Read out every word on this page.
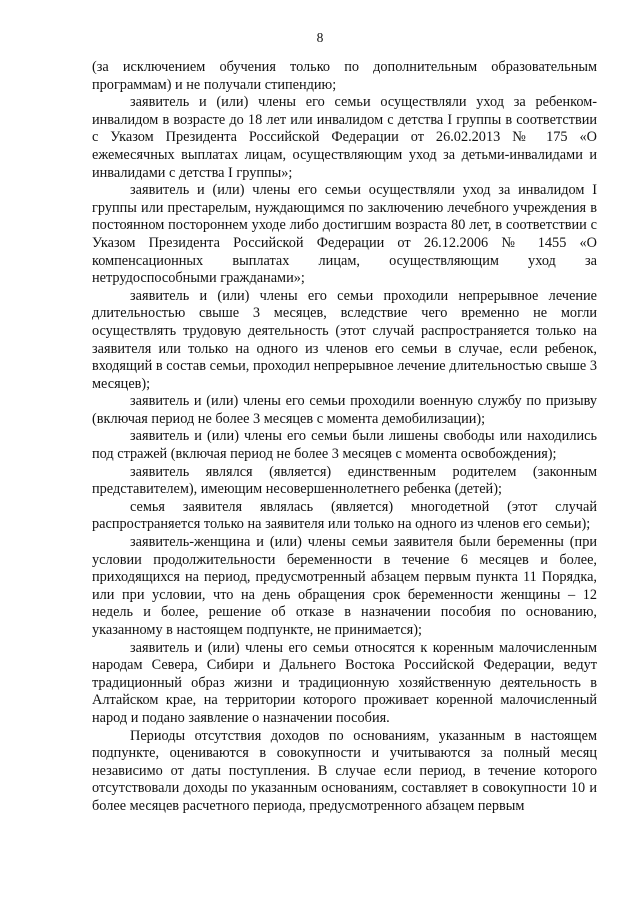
8

(за исключением обучения только по дополнительным образовательным программам) и не получали стипендию;

заявитель и (или) члены его семьи осуществляли уход за ребенком-инвалидом в возрасте до 18 лет или инвалидом с детства I группы в соответствии с Указом Президента Российской Федерации от 26.02.2013 № 175 «О ежемесячных выплатах лицам, осуществляющим уход за детьми-инвалидами и инвалидами с детства I группы»;

заявитель и (или) члены его семьи осуществляли уход за инвалидом I группы или престарелым, нуждающимся по заключению лечебного учреждения в постоянном постороннем уходе либо достигшим возраста 80 лет, в соответствии с Указом Президента Российской Федерации от 26.12.2006 № 1455 «О компенсационных выплатах лицам, осуществляющим уход за нетрудоспособными гражданами»;

заявитель и (или) члены его семьи проходили непрерывное лечение длительностью свыше 3 месяцев, вследствие чего временно не могли осуществлять трудовую деятельность (этот случай распространяется только на заявителя или только на одного из членов его семьи в случае, если ребенок, входящий в состав семьи, проходил непрерывное лечение длительностью свыше 3 месяцев);

заявитель и (или) члены его семьи проходили военную службу по призыву (включая период не более 3 месяцев с момента демобилизации);

заявитель и (или) члены его семьи были лишены свободы или находились под стражей (включая период не более 3 месяцев с момента освобождения);

заявитель являлся (является) единственным родителем (законным представителем), имеющим несовершеннолетнего ребенка (детей);

семья заявителя являлась (является) многодетной (этот случай распространяется только на заявителя или только на одного из членов его семьи);

заявитель-женщина и (или) члены семьи заявителя были беременны (при условии продолжительности беременности в течение 6 месяцев и более, приходящихся на период, предусмотренный абзацем первым пункта 11 Порядка, или при условии, что на день обращения срок беременности женщины – 12 недель и более, решение об отказе в назначении пособия по основанию, указанному в настоящем подпункте, не принимается);

заявитель и (или) члены его семьи относятся к коренным малочисленным народам Севера, Сибири и Дальнего Востока Российской Федерации, ведут традиционный образ жизни и традиционную хозяйственную деятельность в Алтайском крае, на территории которого проживает коренной малочисленный народ и подано заявление о назначении пособия.

Периоды отсутствия доходов по основаниям, указанным в настоящем подпункте, оцениваются в совокупности и учитываются за полный месяц независимо от даты поступления. В случае если период, в течение которого отсутствовали доходы по указанным основаниям, составляет в совокупности 10 и более месяцев расчетного периода, предусмотренного абзацем первым
